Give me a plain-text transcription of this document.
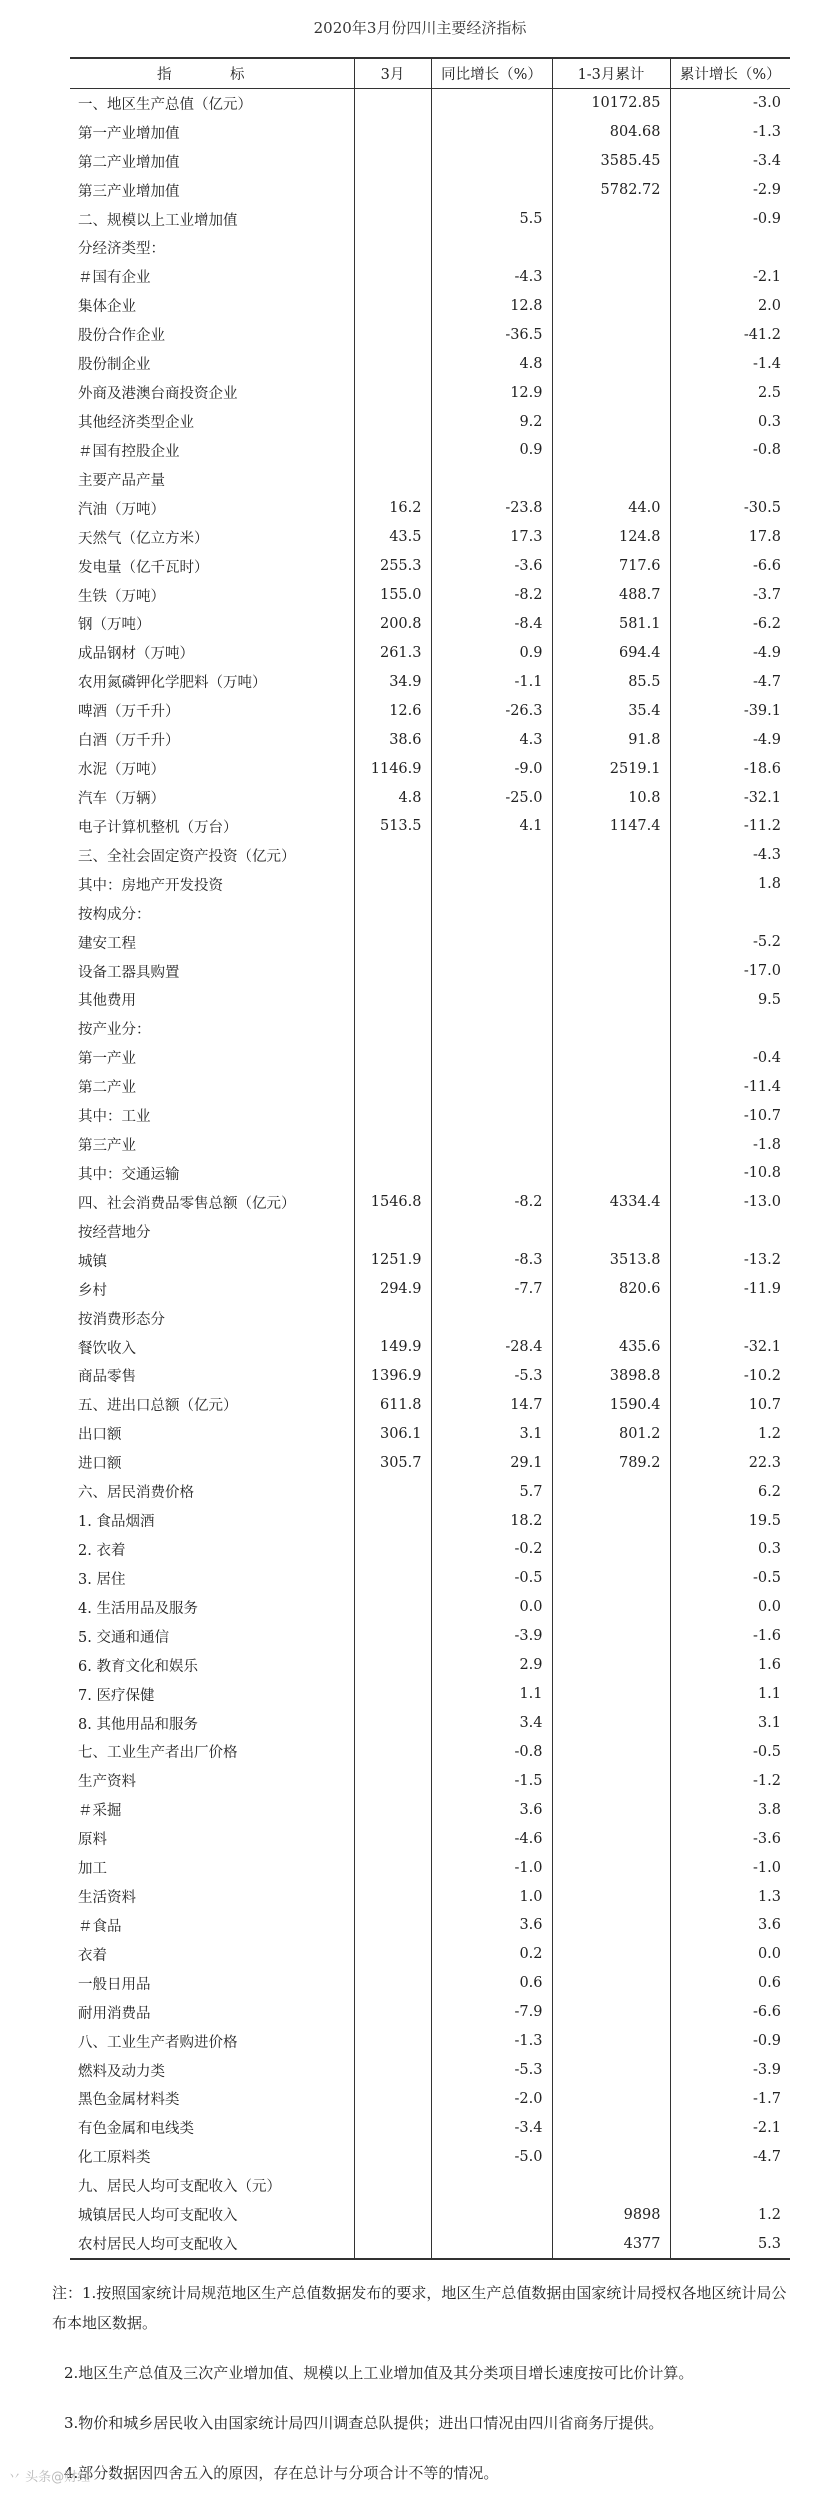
2020年3月份四川主要经济指标
指　标	3月	同比增长（%）	1-3月累计	累计增长（%）
一、地区生产总值（亿元）			10172.85	-3.0
第一产业增加值			804.68	-1.3
第二产业增加值			3585.45	-3.4
第三产业增加值			5782.72	-2.9
二、规模以上工业增加值		5.5		-0.9
分经济类型：				
＃国有企业		-4.3		-2.1
集体企业		12.8		2.0
股份合作企业		-36.5		-41.2
股份制企业		4.8		-1.4
外商及港澳台商投资企业		12.9		2.5
其他经济类型企业		9.2		0.3
＃国有控股企业		0.9		-0.8
主要产品产量				
汽油（万吨）	16.2	-23.8	44.0	-30.5
天然气（亿立方米）	43.5	17.3	124.8	17.8
发电量（亿千瓦时）	255.3	-3.6	717.6	-6.6
生铁（万吨）	155.0	-8.2	488.7	-3.7
钢（万吨）	200.8	-8.4	581.1	-6.2
成品钢材（万吨）	261.3	0.9	694.4	-4.9
农用氮磷钾化学肥料（万吨）	34.9	-1.1	85.5	-4.7
啤酒（万千升）	12.6	-26.3	35.4	-39.1
白酒（万千升）	38.6	4.3	91.8	-4.9
水泥（万吨）	1146.9	-9.0	2519.1	-18.6
汽车（万辆）	4.8	-25.0	10.8	-32.1
电子计算机整机（万台）	513.5	4.1	1147.4	-11.2
三、全社会固定资产投资（亿元）				-4.3
其中：房地产开发投资				1.8
按构成分：				
建安工程				-5.2
设备工器具购置				-17.0
其他费用				9.5
按产业分：				
第一产业				-0.4
第二产业				-11.4
其中：工业				-10.7
第三产业				-1.8
其中：交通运输				-10.8
四、社会消费品零售总额（亿元）	1546.8	-8.2	4334.4	-13.0
按经营地分				
城镇	1251.9	-8.3	3513.8	-13.2
乡村	294.9	-7.7	820.6	-11.9
按消费形态分				
餐饮收入	149.9	-28.4	435.6	-32.1
商品零售	1396.9	-5.3	3898.8	-10.2
五、进出口总额（亿元）	611.8	14.7	1590.4	10.7
出口额	306.1	3.1	801.2	1.2
进口额	305.7	29.1	789.2	22.3
六、居民消费价格		5.7		6.2
1. 食品烟酒		18.2		19.5
2. 衣着		-0.2		0.3
3. 居住		-0.5		-0.5
4. 生活用品及服务		0.0		0.0
5. 交通和通信		-3.9		-1.6
6. 教育文化和娱乐		2.9		1.6
7. 医疗保健		1.1		1.1
8. 其他用品和服务		3.4		3.1
七、工业生产者出厂价格		-0.8		-0.5
生产资料		-1.5		-1.2
＃采掘		3.6		3.8
原料		-4.6		-3.6
加工		-1.0		-1.0
生活资料		1.0		1.3
＃食品		3.6		3.6
衣着		0.2		0.0
一般日用品		0.6		0.6
耐用消费品		-7.9		-6.6
八、工业生产者购进价格		-1.3		-0.9
燃料及动力类		-5.3		-3.9
黑色金属材料类		-2.0		-1.7
有色金属和电线类		-3.4		-2.1
化工原料类		-5.0		-4.7
九、居民人均可支配收入（元）				
城镇居民人均可支配收入			9898	1.2
农村居民人均可支配收入			4377	5.3

注：1.按照国家统计局规范地区生产总值数据发布的要求，地区生产总值数据由国家统计局授权各地区统计局公布本地区数据。

2.地区生产总值及三次产业增加值、规模以上工业增加值及其分类项目增长速度按可比价计算。

3.物价和城乡居民收入由国家统计局四川调查总队提供；进出口情况由四川省商务厅提供。

4.部分数据因四舍五入的原因，存在总计与分项合计不等的情况。

丷 头条@财经
